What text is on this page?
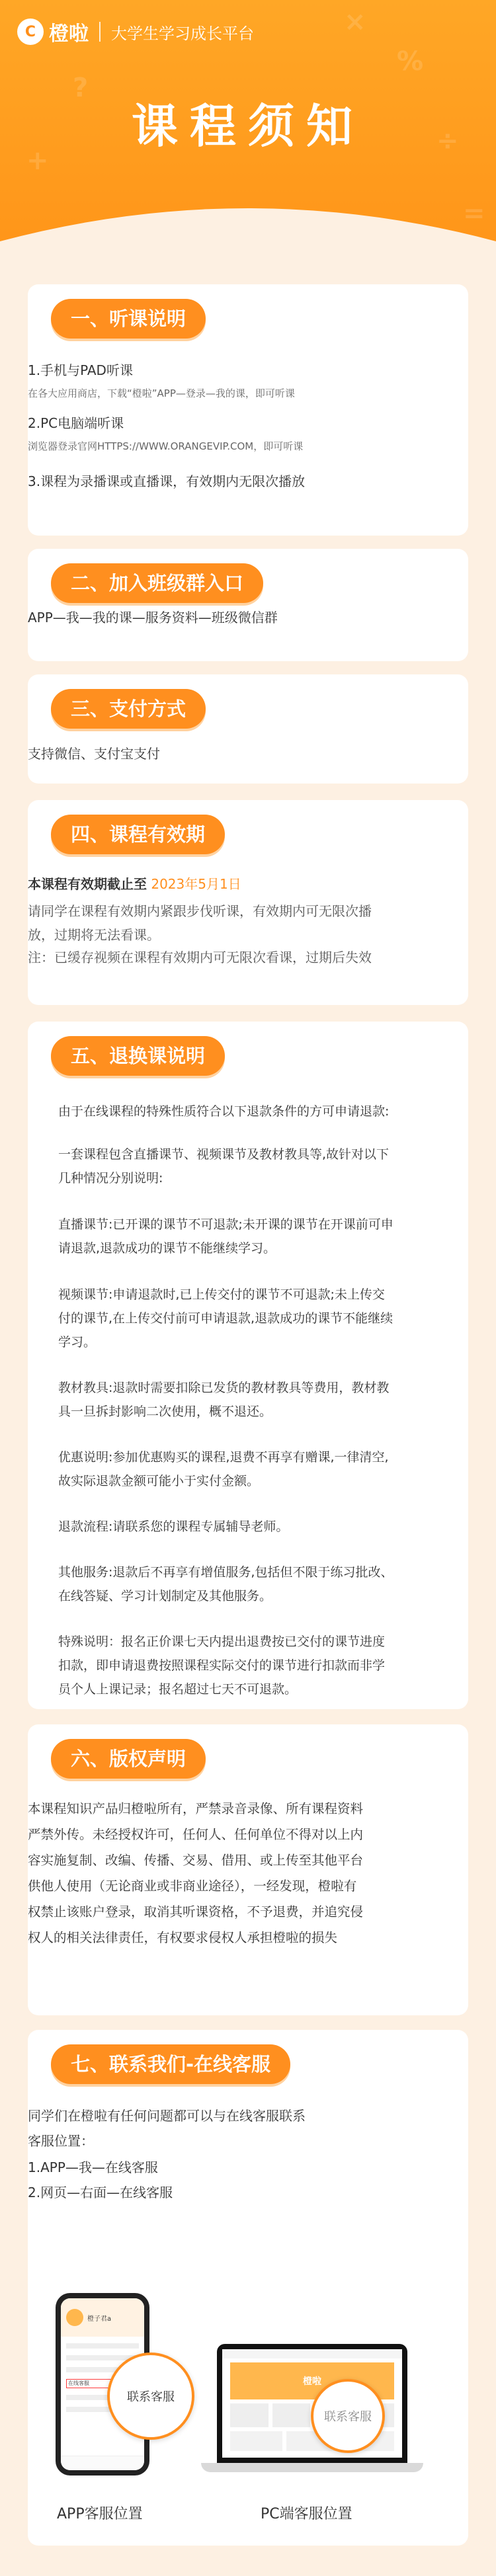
%
÷
+
×
?
=
C 橙啦 大学生学习成长平台
课程须知
一、听课说明
1.手机与PAD听课
在各大应用商店，下载“橙啦”APP—登录—我的课，即可听课
2.PC电脑端听课
浏览器登录官网HTTPS://WWW.ORANGEVIP.COM，即可听课
3.课程为录播课或直播课，有效期内无限次播放
二、加入班级群入口
APP—我—我的课—服务资料—班级微信群
三、支付方式
支持微信、支付宝支付
四、课程有效期
本课程有效期截止至 2023年5月1日
请同学在课程有效期内紧跟步伐听课，有效期内可无限次播
放，过期将无法看课。
注：已缓存视频在课程有效期内可无限次看课，过期后失效
五、退换课说明
由于在线课程的特殊性质符合以下退款条件的方可申请退款:
一套课程包含直播课节、视频课节及教材教具等,故针对以下
几种情况分别说明:
直播课节:已开课的课节不可退款;未开课的课节在开课前可申
请退款,退款成功的课节不能继续学习。
视频课节:申请退款时,已上传交付的课节不可退款;未上传交
付的课节,在上传交付前可申请退款,退款成功的课节不能继续
学习。
教材教具:退款时需要扣除已发货的教材教具等费用，教材教
具一旦拆封影响二次使用，概不退还。
优惠说明:参加优惠购买的课程,退费不再享有赠课,一律清空,
故实际退款金额可能小于实付金额。
退款流程:请联系您的课程专属辅导老师。
其他服务:退款后不再享有增值服务,包括但不限于练习批改、
在线答疑、学习计划制定及其他服务。
特殊说明：报名正价课七天内提出退费按已交付的课节进度
扣款，即申请退费按照课程实际交付的课节进行扣款而非学
员个人上课记录；报名超过七天不可退款。
六、版权声明
本课程知识产品归橙啦所有，严禁录音录像、所有课程资料
严禁外传。未经授权许可，任何人、任何单位不得对以上内
容实施复制、改编、传播、交易、借用、或上传至其他平台
供他人使用（无论商业或非商业途径），一经发现，橙啦有
权禁止该账户登录，取消其听课资格，不予退费，并追究侵
权人的相关法律责任，有权要求侵权人承担橙啦的损失
七、联系我们-在线客服
同学们在橙啦有任何问题都可以与在线客服联系
客服位置：
1.APP—我—在线客服
2.网页—右面—在线客服
橙子君a
在线客服
联系客服
橙啦
联系客服
APP客服位置	PC端客服位置
